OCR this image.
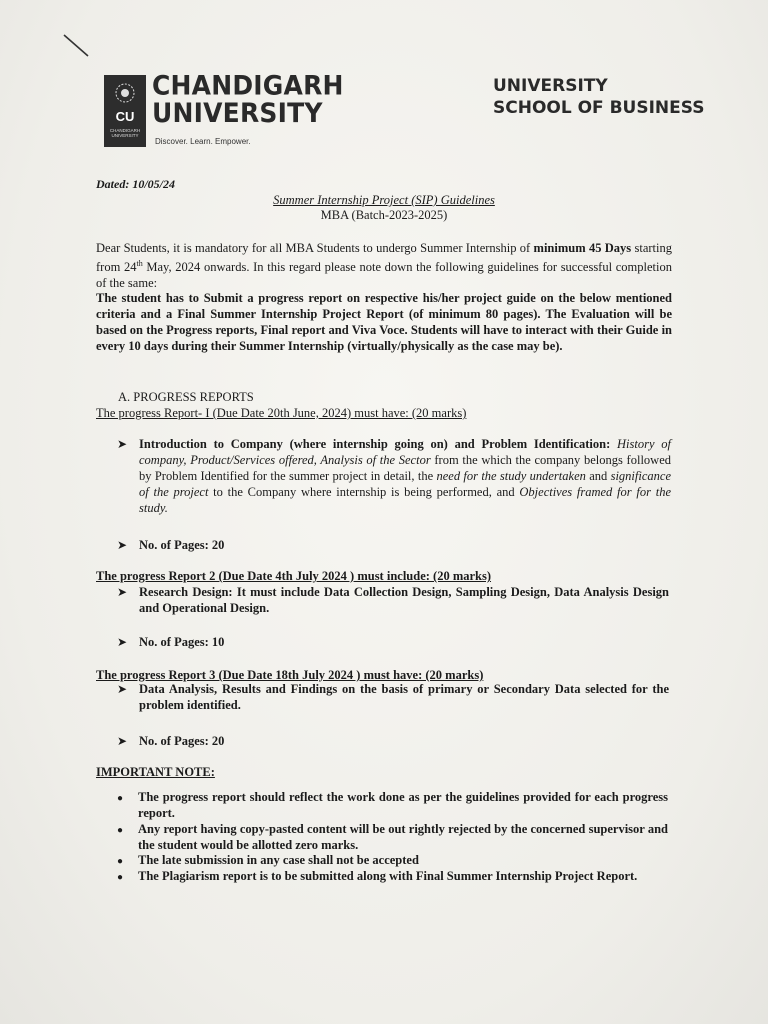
CU
CHANDIGARH UNIVERSITY
CHANDIGARH
UNIVERSITY
Discover. Learn. Empower.
UNIVERSITY
SCHOOL OF BUSINESS
Dated: 10/05/24
Summer Internship Project (SIP) Guidelines
MBA (Batch-2023-2025)
Dear Students, it is mandatory for all MBA Students to undergo Summer Internship of minimum 45 Days starting from 24th May, 2024 onwards. In this regard please note down the following guidelines for successful completion of the same:
The student has to Submit a progress report on respective his/her project guide on the below mentioned criteria and a Final Summer Internship Project Report (of minimum 80 pages). The Evaluation will be based on the Progress reports, Final report and Viva Voce. Students will have to interact with their Guide in every 10 days during their Summer Internship (virtually/physically as the case may be).
A. PROGRESS REPORTS
The progress Report- I (Due Date 20th June, 2024) must have: (20 marks)
➤ Introduction to Company (where internship going on) and Problem Identification: History of company, Product/Services offered, Analysis of the Sector from the which the company belongs followed by Problem Identified for the summer project in detail, the need for the study undertaken and significance of the project to the Company where internship is being performed, and Objectives framed for for the study.
➤ No. of Pages: 20
The progress Report 2 (Due Date 4th July 2024 ) must include: (20 marks)
➤ Research Design: It must include Data Collection Design, Sampling Design, Data Analysis Design and Operational Design.
➤ No. of Pages: 10
The progress Report 3 (Due Date 18th July 2024 ) must have: (20 marks)
➤ Data Analysis, Results and Findings on the basis of primary or Secondary Data selected for the problem identified.
➤ No. of Pages: 20
IMPORTANT NOTE:
● The progress report should reflect the work done as per the guidelines provided for each progress report.
● Any report having copy-pasted content will be out rightly rejected by the concerned supervisor and the student would be allotted zero marks.
● The late submission in any case shall not be accepted
● The Plagiarism report is to be submitted along with Final Summer Internship Project Report.
